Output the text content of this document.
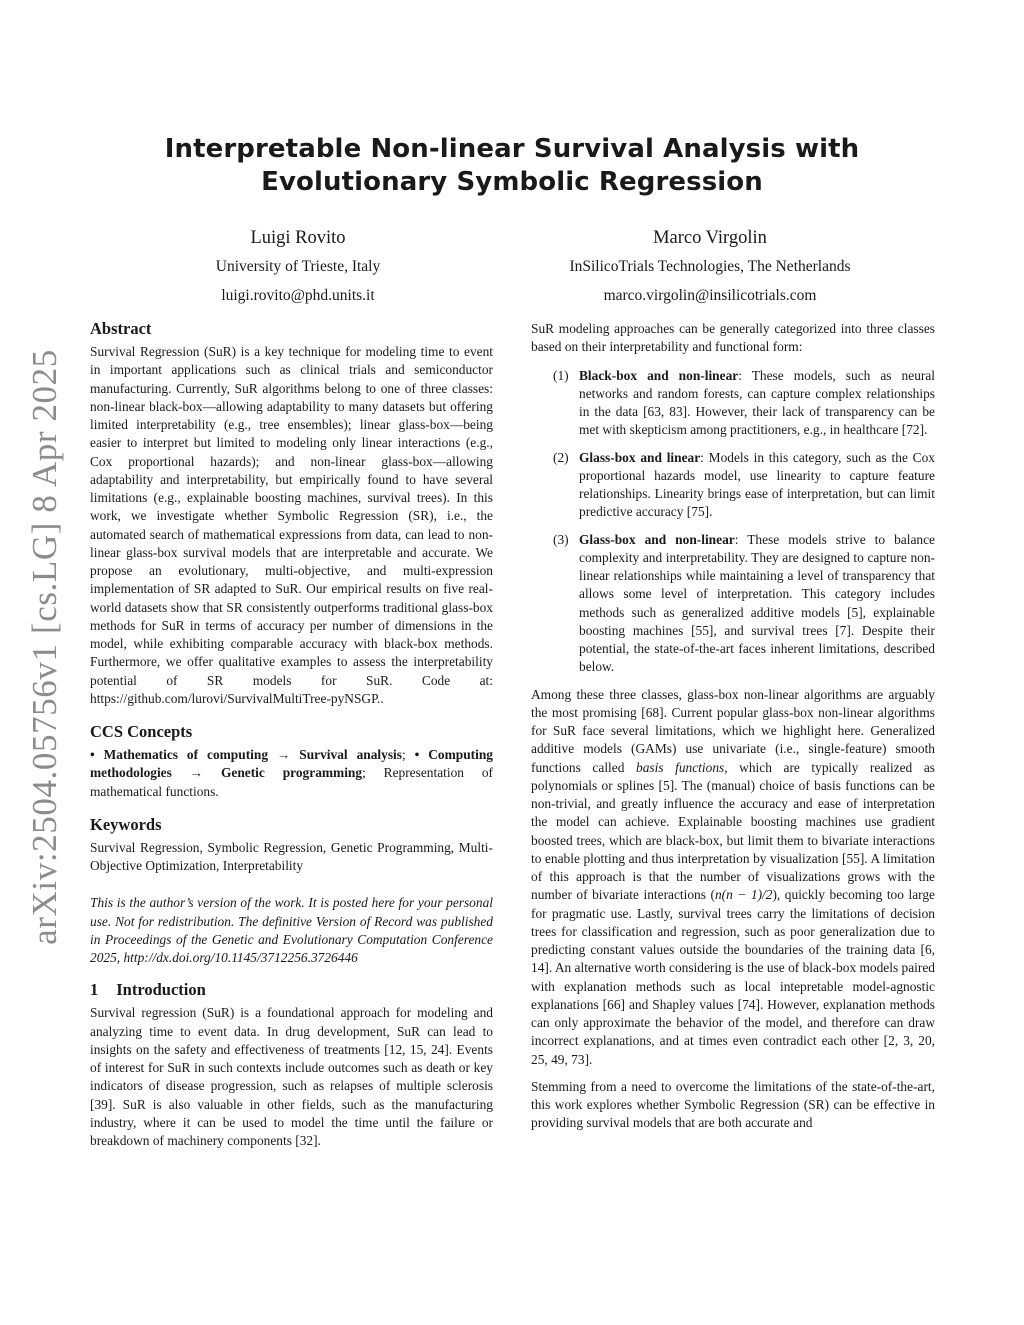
Interpretable Non-linear Survival Analysis with
Evolutionary Symbolic Regression
Luigi Rovito
University of Trieste, Italy
luigi.rovito@phd.units.it
Marco Virgolin
InSilicoTrials Technologies, The Netherlands
marco.virgolin@insilicotrials.com
arXiv:2504.05756v1 [cs.LG] 8 Apr 2025
Abstract

Survival Regression (SuR) is a key technique for modeling time to event in important applications such as clinical trials and semiconductor manufacturing. Currently, SuR algorithms belong to one of three classes: non-linear black-box—allowing adaptability to many datasets but offering limited interpretability (e.g., tree ensembles); linear glass-box—being easier to interpret but limited to modeling only linear interactions (e.g., Cox proportional hazards); and non-linear glass-box—allowing adaptability and interpretability, but empirically found to have several limitations (e.g., explainable boosting machines, survival trees). In this work, we investigate whether Symbolic Regression (SR), i.e., the automated search of mathematical expressions from data, can lead to non-linear glass-box survival models that are interpretable and accurate. We propose an evolutionary, multi-objective, and multi-expression implementation of SR adapted to SuR. Our empirical results on five real-world datasets show that SR consistently outperforms traditional glass-box methods for SuR in terms of accuracy per number of dimensions in the model, while exhibiting comparable accuracy with black-box methods. Furthermore, we offer qualitative examples to assess the interpretability potential of SR models for SuR. Code at: https://github.com/lurovi/SurvivalMultiTree-pyNSGP..

CCS Concepts

• Mathematics of computing → Survival analysis; • Computing methodologies → Genetic programming; Representation of mathematical functions.

Keywords

Survival Regression, Symbolic Regression, Genetic Programming, Multi-Objective Optimization, Interpretability

This is the author’s version of the work. It is posted here for your personal use. Not for redistribution. The definitive Version of Record was published in Proceedings of the Genetic and Evolutionary Computation Conference 2025, http://dx.doi.org/10.1145/3712256.3726446

1 Introduction

Survival regression (SuR) is a foundational approach for modeling and analyzing time to event data. In drug development, SuR can lead to insights on the safety and effectiveness of treatments [12, 15, 24]. Events of interest for SuR in such contexts include outcomes such as death or key indicators of disease progression, such as relapses of multiple sclerosis [39]. SuR is also valuable in other fields, such as the manufacturing industry, where it can be used to model the time until the failure or breakdown of machinery components [32].

SuR modeling approaches can be generally categorized into three classes based on their interpretability and functional form:

(1) Black-box and non-linear: These models, such as neural networks and random forests, can capture complex relationships in the data [63, 83]. However, their lack of transparency can be met with skepticism among practitioners, e.g., in healthcare [72].
(2) Glass-box and linear: Models in this category, such as the Cox proportional hazards model, use linearity to capture feature relationships. Linearity brings ease of interpretation, but can limit predictive accuracy [75].
(3) Glass-box and non-linear: These models strive to balance complexity and interpretability. They are designed to capture non-linear relationships while maintaining a level of transparency that allows some level of interpretation. This category includes methods such as generalized additive models [5], explainable boosting machines [55], and survival trees [7]. Despite their potential, the state-of-the-art faces inherent limitations, described below.

Among these three classes, glass-box non-linear algorithms are arguably the most promising [68]. Current popular glass-box non-linear algorithms for SuR face several limitations, which we highlight here. Generalized additive models (GAMs) use univariate (i.e., single-feature) smooth functions called basis functions, which are typically realized as polynomials or splines [5]. The (manual) choice of basis functions can be non-trivial, and greatly influence the accuracy and ease of interpretation the model can achieve. Explainable boosting machines use gradient boosted trees, which are black-box, but limit them to bivariate interactions to enable plotting and thus interpretation by visualization [55]. A limitation of this approach is that the number of visualizations grows with the number of bivariate interactions (n(n − 1)/2), quickly becoming too large for pragmatic use. Lastly, survival trees carry the limitations of decision trees for classification and regression, such as poor generalization due to predicting constant values outside the boundaries of the training data [6, 14]. An alternative worth considering is the use of black-box models paired with explanation methods such as local intepretable model-agnostic explanations [66] and Shapley values [74]. However, explanation methods can only approximate the behavior of the model, and therefore can draw incorrect explanations, and at times even contradict each other [2, 3, 20, 25, 49, 73].

Stemming from a need to overcome the limitations of the state-of-the-art, this work explores whether Symbolic Regression (SR) can be effective in providing survival models that are both accurate and
